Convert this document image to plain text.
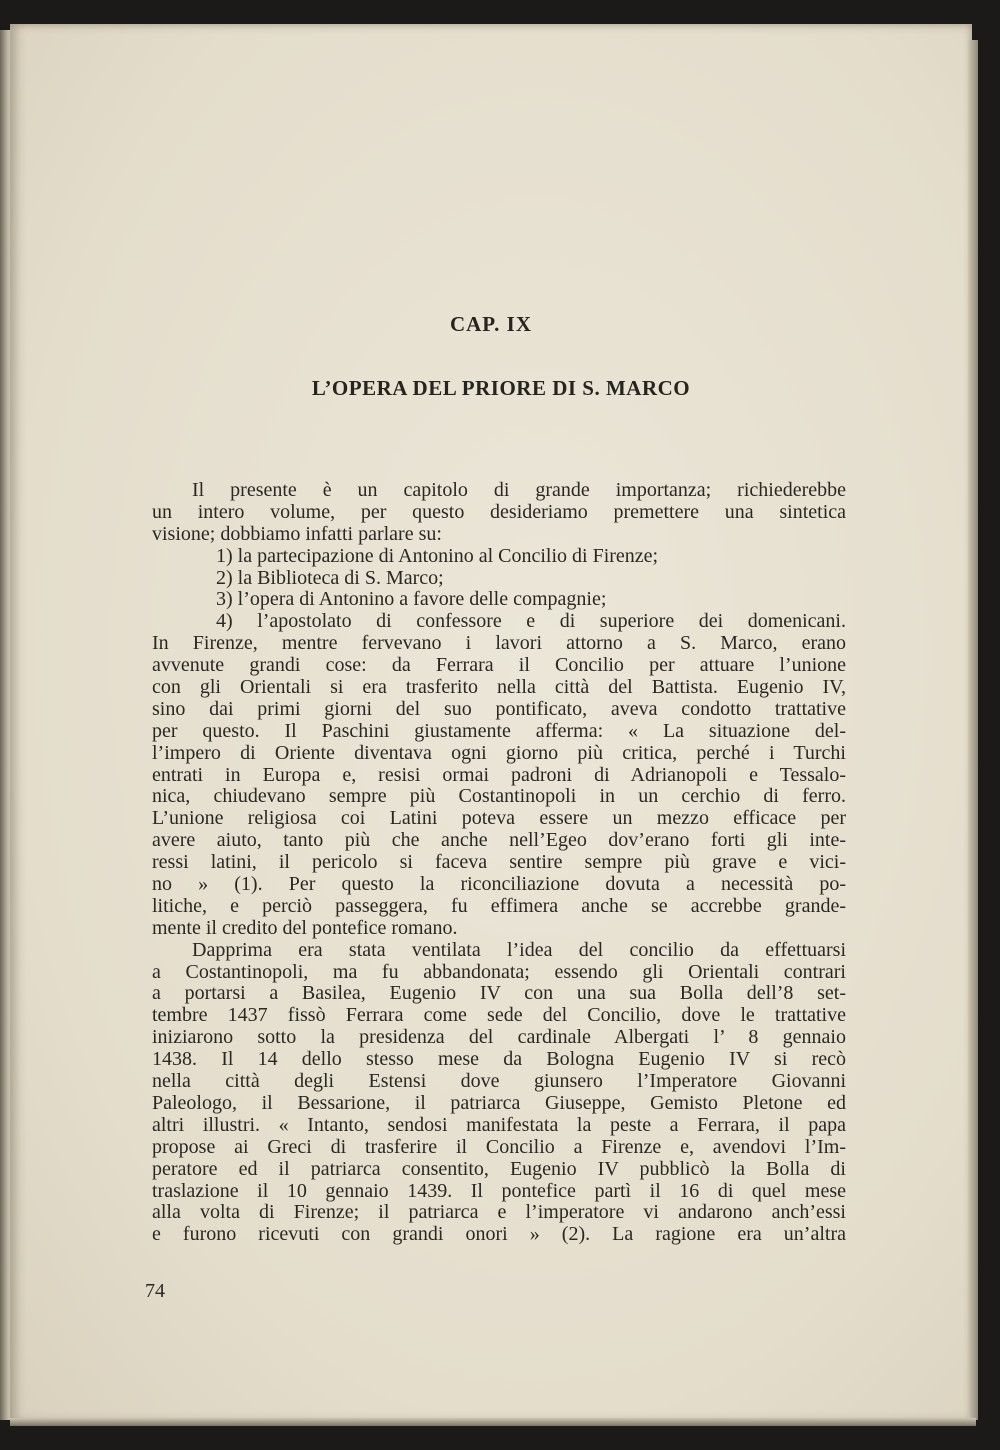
CAP. IX
L’OPERA DEL PRIORE DI S. MARCO
Il presente è un capitolo di grande importanza; richiederebbe
un intero volume, per questo desideriamo premettere una sintetica
visione; dobbiamo infatti parlare su:
1) la partecipazione di Antonino al Concilio di Firenze;
2) la Biblioteca di S. Marco;
3) l’opera di Antonino a favore delle compagnie;
4) l’apostolato di confessore e di superiore dei domenicani.
In Firenze, mentre fervevano i lavori attorno a S. Marco, erano
avvenute grandi cose: da Ferrara il Concilio per attuare l’unione
con gli Orientali si era trasferito nella città del Battista. Eugenio IV,
sino dai primi giorni del suo pontificato, aveva condotto trattative
per questo. Il Paschini giustamente afferma: « La situazione del-
l’impero di Oriente diventava ogni giorno più critica, perché i Turchi
entrati in Europa e, resisi ormai padroni di Adrianopoli e Tessalo-
nica, chiudevano sempre più Costantinopoli in un cerchio di ferro.
L’unione religiosa coi Latini poteva essere un mezzo efficace per
avere aiuto, tanto più che anche nell’Egeo dov’erano forti gli inte-
ressi latini, il pericolo si faceva sentire sempre più grave e vici-
no » (1). Per questo la riconciliazione dovuta a necessità po-
litiche, e perciò passeggera, fu effimera anche se accrebbe grande-
mente il credito del pontefice romano.
Dapprima era stata ventilata l’idea del concilio da effettuarsi
a Costantinopoli, ma fu abbandonata; essendo gli Orientali contrari
a portarsi a Basilea, Eugenio IV con una sua Bolla dell’8 set-
tembre 1437 fissò Ferrara come sede del Concilio, dove le trattative
iniziarono sotto la presidenza del cardinale Albergati l’ 8 gennaio
1438. Il 14 dello stesso mese da Bologna Eugenio IV si recò
nella città degli Estensi dove giunsero l’Imperatore Giovanni
Paleologo, il Bessarione, il patriarca Giuseppe, Gemisto Pletone ed
altri illustri. « Intanto, sendosi manifestata la peste a Ferrara, il papa
propose ai Greci di trasferire il Concilio a Firenze e, avendovi l’Im-
peratore ed il patriarca consentito, Eugenio IV pubblicò la Bolla di
traslazione il 10 gennaio 1439. Il pontefice partì il 16 di quel mese
alla volta di Firenze; il patriarca e l’imperatore vi andarono anch’essi
e furono ricevuti con grandi onori » (2). La ragione era un’altra

74
